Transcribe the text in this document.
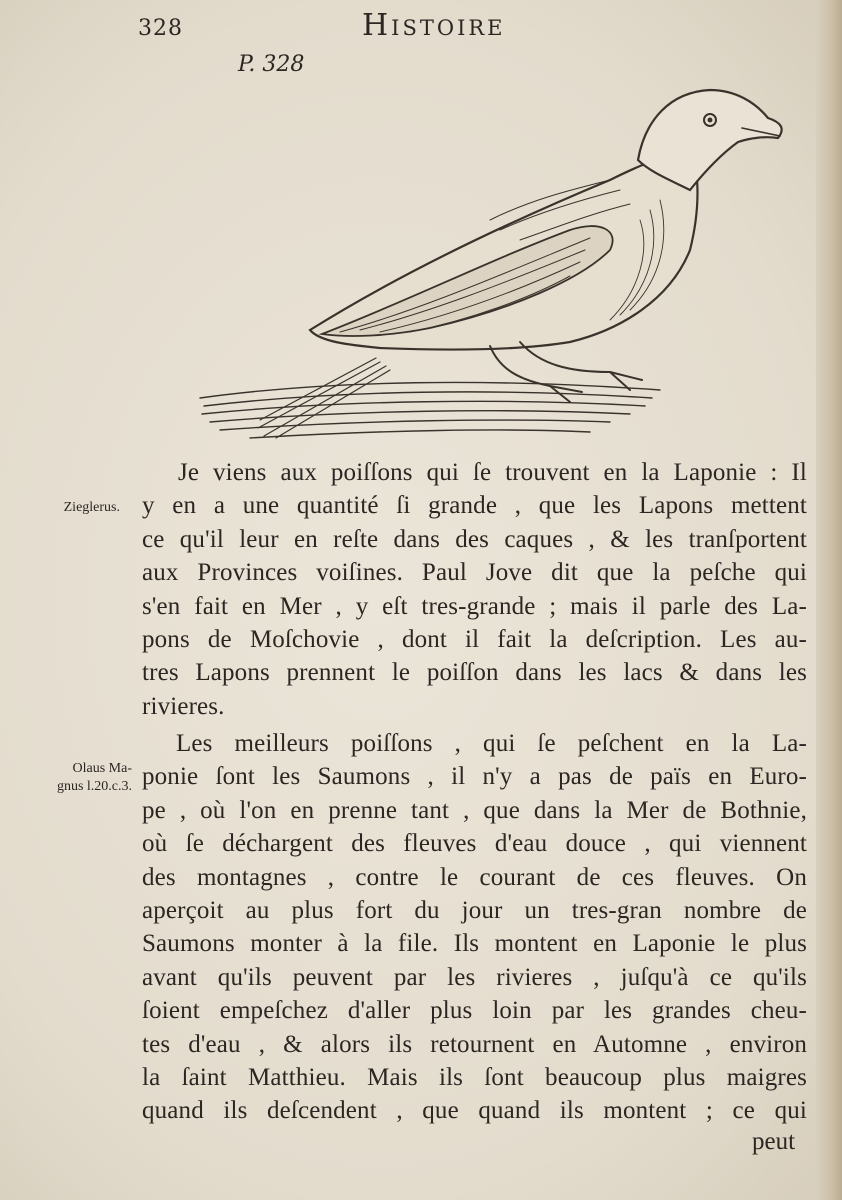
328	Histoire
P. 328

Je viens aux poiſſons qui ſe trouvent en la Laponie : Il
y en a une quantité ſi grande , que les Lapons mettent
ce qu'il leur en reſte dans des caques , & les tranſportent
aux Provinces voiſines. Paul Jove dit que la peſche qui
s'en fait en Mer , y eſt tres-grande ; mais il parle des La-
pons de Moſchovie , dont il fait la deſcription. Les au-
tres Lapons prennent le poiſſon dans les lacs & dans les
rivieres.

Zieglerus.

Les meilleurs poiſſons , qui ſe peſchent en la La-
ponie ſont les Saumons , il n'y a pas de païs en Euro-
pe , où l'on en prenne tant , que dans la Mer de Bothnie,
où ſe déchargent des fleuves d'eau douce , qui viennent
des montagnes , contre le courant de ces fleuves. On
aperçoit au plus fort du jour un tres-gran nombre de
Saumons monter à la file. Ils montent en Laponie le plus
avant qu'ils peuvent par les rivieres , juſqu'à ce qu'ils
ſoient empeſchez d'aller plus loin par les grandes cheu-
tes d'eau , & alors ils retournent en Automne , environ
la ſaint Matthieu. Mais ils ſont beaucoup plus maigres
quand ils deſcendent , que quand ils montent ; ce qui

Olaus Ma-
gnus l.20.c.3.

peut
